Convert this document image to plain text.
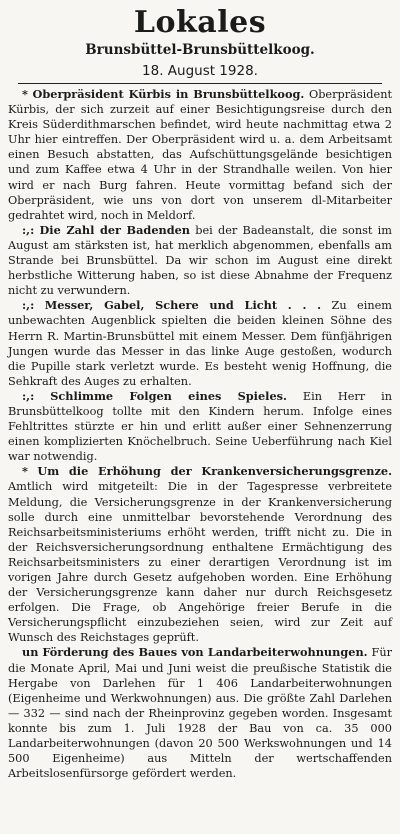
Lokales
Brunsbüttel-Brunsbüttelkoog.
18. August 1928.

* Oberpräsident Kürbis in Brunsbüttelkoog. Oberpräsident Kürbis, der sich zurzeit auf einer Besichtigungsreise durch den Kreis Süderdithmarschen befindet, wird heute nachmittag etwa 2 Uhr hier eintreffen. Der Oberpräsident wird u. a. dem Arbeitsamt einen Besuch abstatten, das Aufschüttungsgelände besichtigen und zum Kaffee etwa 4 Uhr in der Strandhalle weilen. Von hier wird er nach Burg fahren. Heute vormittag befand sich der Oberpräsident, wie uns von dort von unserem dl-Mitarbeiter gedrahtet wird, noch in Meldorf.

:,: Die Zahl der Badenden bei der Badeanstalt, die sonst im August am stärksten ist, hat merklich abgenommen, ebenfalls am Strande bei Brunsbüttel. Da wir schon im August eine direkt herbstliche Witterung haben, so ist diese Abnahme der Frequenz nicht zu verwundern.

:,: Messer, Gabel, Schere und Licht . . . Zu einem unbewachten Augenblick spielten die beiden kleinen Söhne des Herrn R. Martin-Brunsbüttel mit einem Messer. Dem fünfjährigen Jungen wurde das Messer in das linke Auge gestoßen, wodurch die Pupille stark verletzt wurde. Es besteht wenig Hoffnung, die Sehkraft des Auges zu erhalten.

:,: Schlimme Folgen eines Spieles. Ein Herr in Brunsbüttelkoog tollte mit den Kindern herum. Infolge eines Fehltrittes stürzte er hin und erlitt außer einer Sehnenzerrung einen komplizierten Knöchelbruch. Seine Ueberführung nach Kiel war notwendig.

* Um die Erhöhung der Krankenversicherungsgrenze. Amtlich wird mitgeteilt: Die in der Tagespresse verbreitete Meldung, die Versicherungsgrenze in der Krankenversicherung solle durch eine unmittelbar bevorstehende Verordnung des Reichsarbeitsministeriums erhöht werden, trifft nicht zu. Die in der Reichsversicherungsordnung enthaltene Ermächtigung des Reichsarbeitsministers zu einer derartigen Verordnung ist im vorigen Jahre durch Gesetz aufgehoben worden. Eine Erhöhung der Versicherungsgrenze kann daher nur durch Reichsgesetz erfolgen. Die Frage, ob Angehörige freier Berufe in die Versicherungspflicht einzubeziehen seien, wird zur Zeit auf Wunsch des Reichstages geprüft.

un Förderung des Baues von Landarbeiterwohnungen. Für die Monate April, Mai und Juni weist die preußische Statistik die Hergabe von Darlehen für 1 406 Landarbeiterwohnungen (Eigenheime und Werkwohnungen) aus. Die größte Zahl Darlehen — 332 — sind nach der Rheinprovinz gegeben worden. Insgesamt konnte bis zum 1. Juli 1928 der Bau von ca. 35 000 Landarbeiterwohnungen (davon 20 500 Werkswohnungen und 14 500 Eigenheime) aus Mitteln der wertschaffenden Arbeitslosenfürsorge gefördert werden.
